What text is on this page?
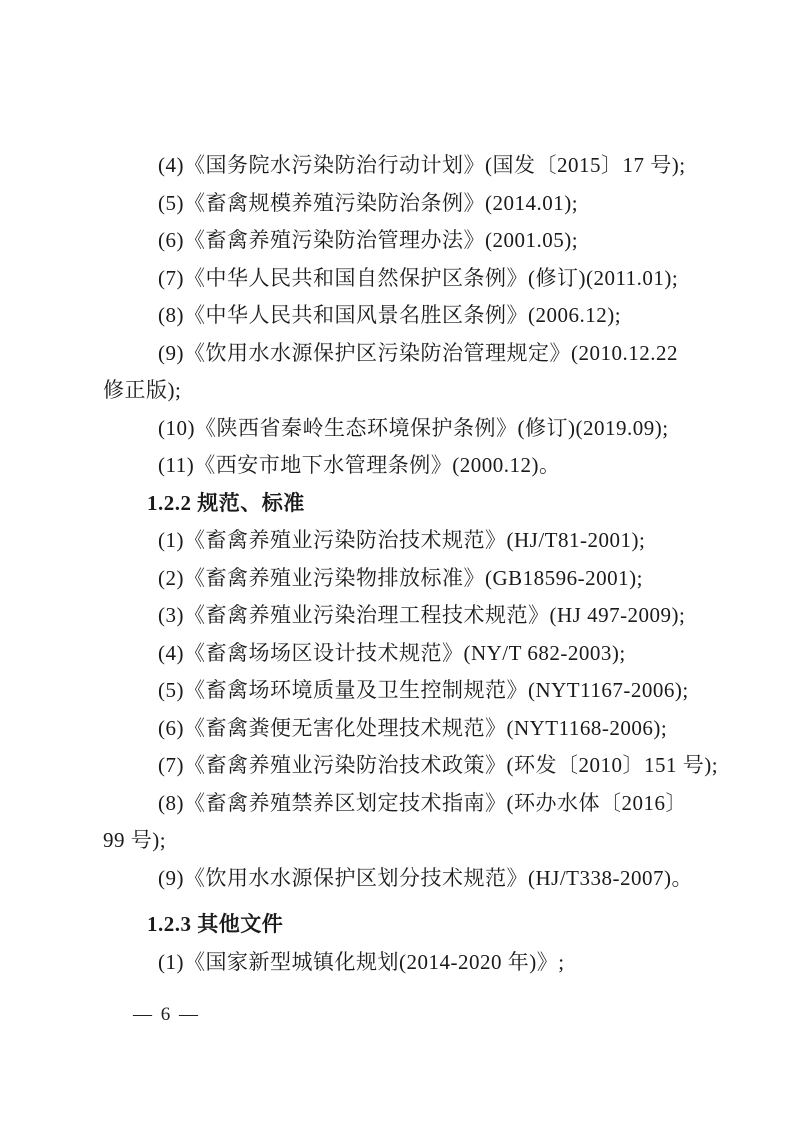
(4)《国务院水污染防治行动计划》(国发〔2015〕17 号);
(5)《畜禽规模养殖污染防治条例》(2014.01);
(6)《畜禽养殖污染防治管理办法》(2001.05);
(7)《中华人民共和国自然保护区条例》(修订)(2011.01);
(8)《中华人民共和国风景名胜区条例》(2006.12);
(9)《饮用水水源保护区污染防治管理规定》(2010.12.22
修正版);
(10)《陕西省秦岭生态环境保护条例》(修订)(2019.09);
(11)《西安市地下水管理条例》(2000.12)。
1.2.2 规范、标准
(1)《畜禽养殖业污染防治技术规范》(HJ/T81-2001);
(2)《畜禽养殖业污染物排放标准》(GB18596-2001);
(3)《畜禽养殖业污染治理工程技术规范》(HJ 497-2009);
(4)《畜禽场场区设计技术规范》(NY/T 682-2003);
(5)《畜禽场环境质量及卫生控制规范》(NYT1167-2006);
(6)《畜禽粪便无害化处理技术规范》(NYT1168-2006);
(7)《畜禽养殖业污染防治技术政策》(环发〔2010〕151 号);
(8)《畜禽养殖禁养区划定技术指南》(环办水体〔2016〕
99 号);
(9)《饮用水水源保护区划分技术规范》(HJ/T338-2007)。
1.2.3 其他文件
(1)《国家新型城镇化规划(2014-2020 年)》;
— 6 —
